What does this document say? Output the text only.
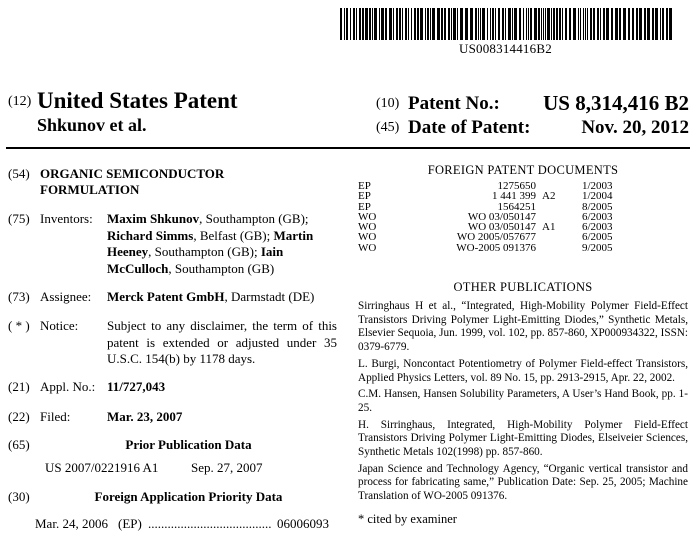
US008314416B2
(12) United States Patent
Shkunov et al.
(10) Patent No.: US 8,314,416 B2
(45) Date of Patent:	Nov. 20, 2012
(54) ORGANIC SEMICONDUCTOR
FORMULATION
(75) Inventors: Maxim Shkunov, Southampton (GB);
Richard Simms, Belfast (GB); Martin
Heeney, Southampton (GB); Iain
McCulloch, Southampton (GB)
(73) Assignee: Merck Patent GmbH, Darmstadt (DE)
( * ) Notice: Subject to any disclaimer, the term of this
patent is extended or adjusted under 35
U.S.C. 154(b) by 1178 days.
(21) Appl. No.: 11/727,043
(22) Filed:	Mar. 23, 2007
(65)	Prior Publication Data
US 2007/0221916 A1	Sep. 27, 2007
(30)	Foreign Application Priority Data
Mar. 24, 2006 (EP) ...................................... 06006093
FOREIGN PATENT DOCUMENTS
EP	1275650		1/2003
EP	1 441 399	A2	1/2004
EP	1564251		8/2005
WO	WO 03/050147		6/2003
WO	WO 03/050147	A1	6/2003
WO	WO 2005/057677		6/2005
WO	WO-2005 091376		9/2005
OTHER PUBLICATIONS

Sirringhaus H et al., “Integrated, High-Mobility Polymer Field-Effect Transistors Driving Polymer Light-Emitting Diodes,” Synthetic Metals, Elsevier Sequoia, Jun. 1999, vol. 102, pp. 857-860, XP000934322, ISSN: 0379-6779.

L. Burgi, Noncontact Potentiometry of Polymer Field-effect Transistors, Applied Physics Letters, vol. 89 No. 15, pp. 2913-2915, Apr. 22, 2002.

C.M. Hansen, Hansen Solubility Parameters, A User’s Hand Book, pp. 1-25.

H. Sirringhaus, Integrated, High-Mobility Polymer Field-Effect Transistors Driving Polymer Light-Emitting Diodes, Elseiveier Sciences, Synthetic Metals 102(1998) pp. 857-860.

Japan Science and Technology Agency, “Organic vertical transistor and process for fabricating same,” Publication Date: Sep. 25, 2005; Machine Translation of WO-2005 091376.

* cited by examiner
